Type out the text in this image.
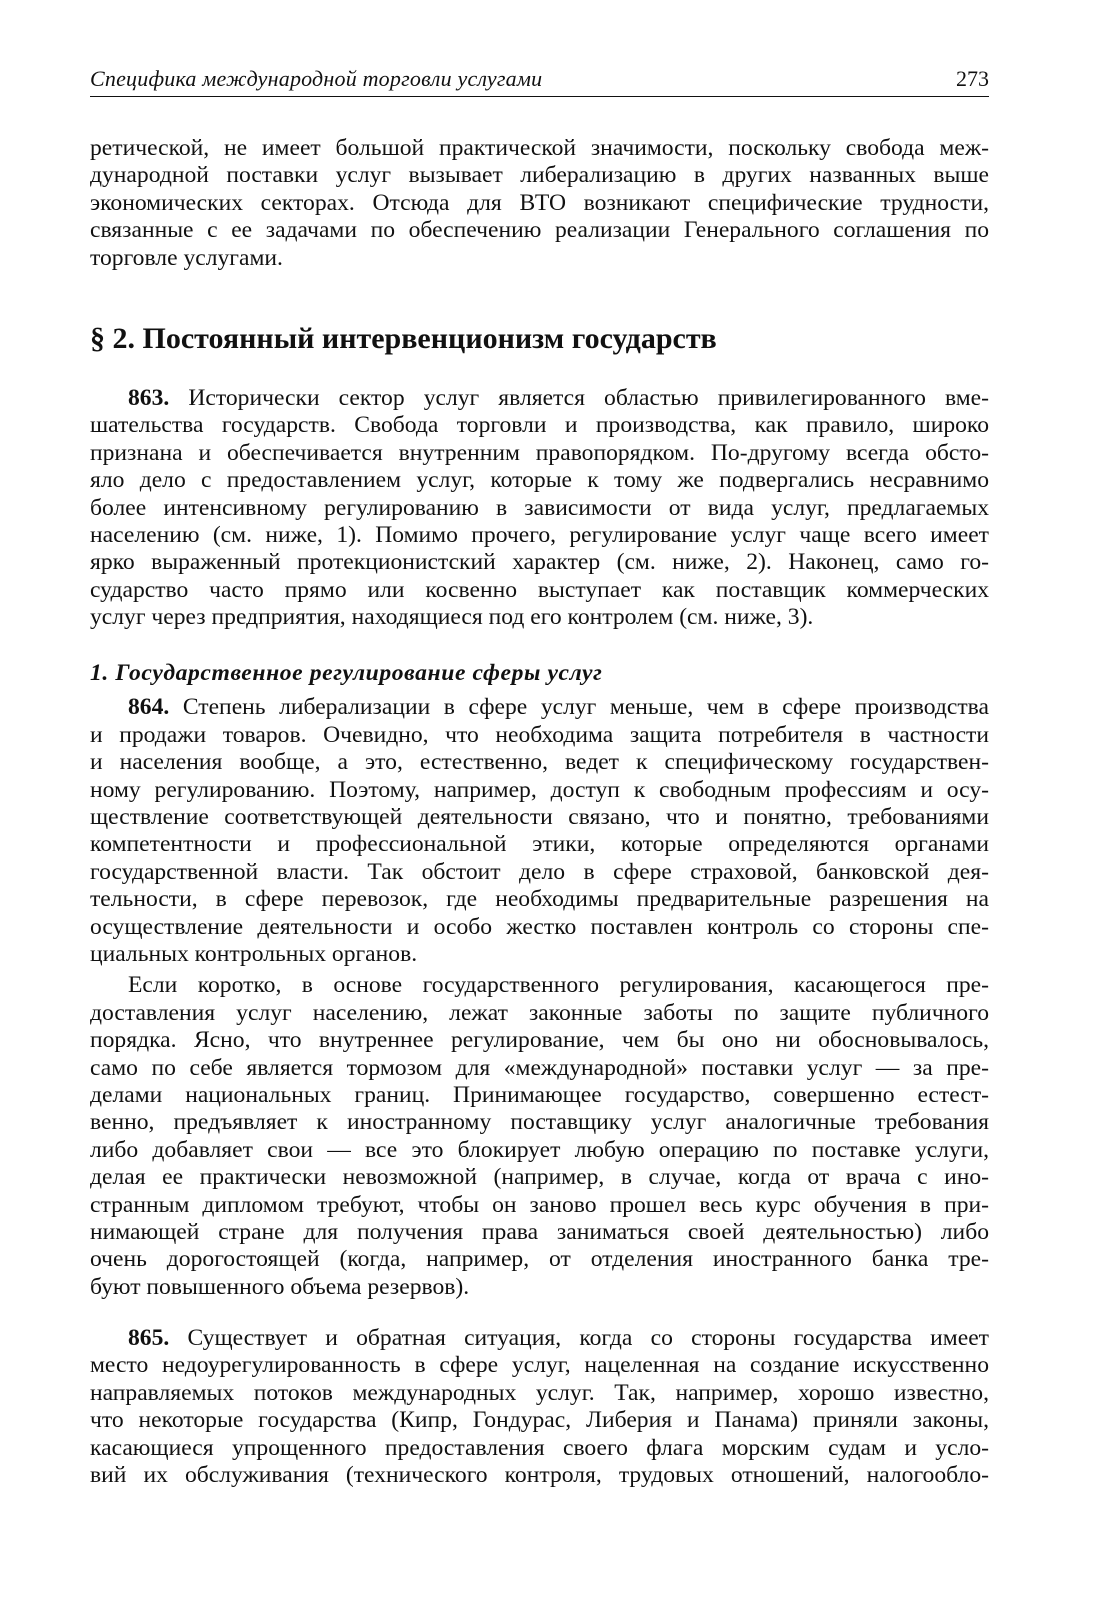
Специфика международной торговли услугами	273
ретической, не имеет большой практической значимости, поскольку свобода меж-
дународной поставки услуг вызывает либерализацию в других названных выше
экономических секторах. Отсюда для ВТО возникают специфические трудности,
связанные с ее задачами по обеспечению реализации Генерального соглашения по
торговле услугами.
§ 2. Постоянный интервенционизм государств
863. Исторически сектор услуг является областью привилегированного вме-
шательства государств. Свобода торговли и производства, как правило, широко
признана и обеспечивается внутренним правопорядком. По-другому всегда обсто-
яло дело с предоставлением услуг, которые к тому же подвергались несравнимо
более интенсивному регулированию в зависимости от вида услуг, предлагаемых
населению (см. ниже, 1). Помимо прочего, регулирование услуг чаще всего имеет
ярко выраженный протекционистский характер (см. ниже, 2). Наконец, само го-
сударство часто прямо или косвенно выступает как поставщик коммерческих
услуг через предприятия, находящиеся под его контролем (см. ниже, 3).
1. Государственное регулирование сферы услуг
864. Степень либерализации в сфере услуг меньше, чем в сфере производства
и продажи товаров. Очевидно, что необходима защита потребителя в частности
и населения вообще, а это, естественно, ведет к специфическому государствен-
ному регулированию. Поэтому, например, доступ к свободным профессиям и осу-
ществление соответствующей деятельности связано, что и понятно, требованиями
компетентности и профессиональной этики, которые определяются органами
государственной власти. Так обстоит дело в сфере страховой, банковской дея-
тельности, в сфере перевозок, где необходимы предварительные разрешения на
осуществление деятельности и особо жестко поставлен контроль со стороны спе-
циальных контрольных органов.
Если коротко, в основе государственного регулирования, касающегося пре-
доставления услуг населению, лежат законные заботы по защите публичного
порядка. Ясно, что внутреннее регулирование, чем бы оно ни обосновывалось,
само по себе является тормозом для «международной» поставки услуг — за пре-
делами национальных границ. Принимающее государство, совершенно естест-
венно, предъявляет к иностранному поставщику услуг аналогичные требования
либо добавляет свои — все это блокирует любую операцию по поставке услуги,
делая ее практически невозможной (например, в случае, когда от врача с ино-
странным дипломом требуют, чтобы он заново прошел весь курс обучения в при-
нимающей стране для получения права заниматься своей деятельностью) либо
очень дорогостоящей (когда, например, от отделения иностранного банка тре-
буют повышенного объема резервов).
865. Существует и обратная ситуация, когда со стороны государства имеет
место недоурегулированность в сфере услуг, нацеленная на создание искусственно
направляемых потоков международных услуг. Так, например, хорошо известно,
что некоторые государства (Кипр, Гондурас, Либерия и Панама) приняли законы,
касающиеся упрощенного предоставления своего флага морским судам и усло-
вий их обслуживания (технического контроля, трудовых отношений, налогообло-
